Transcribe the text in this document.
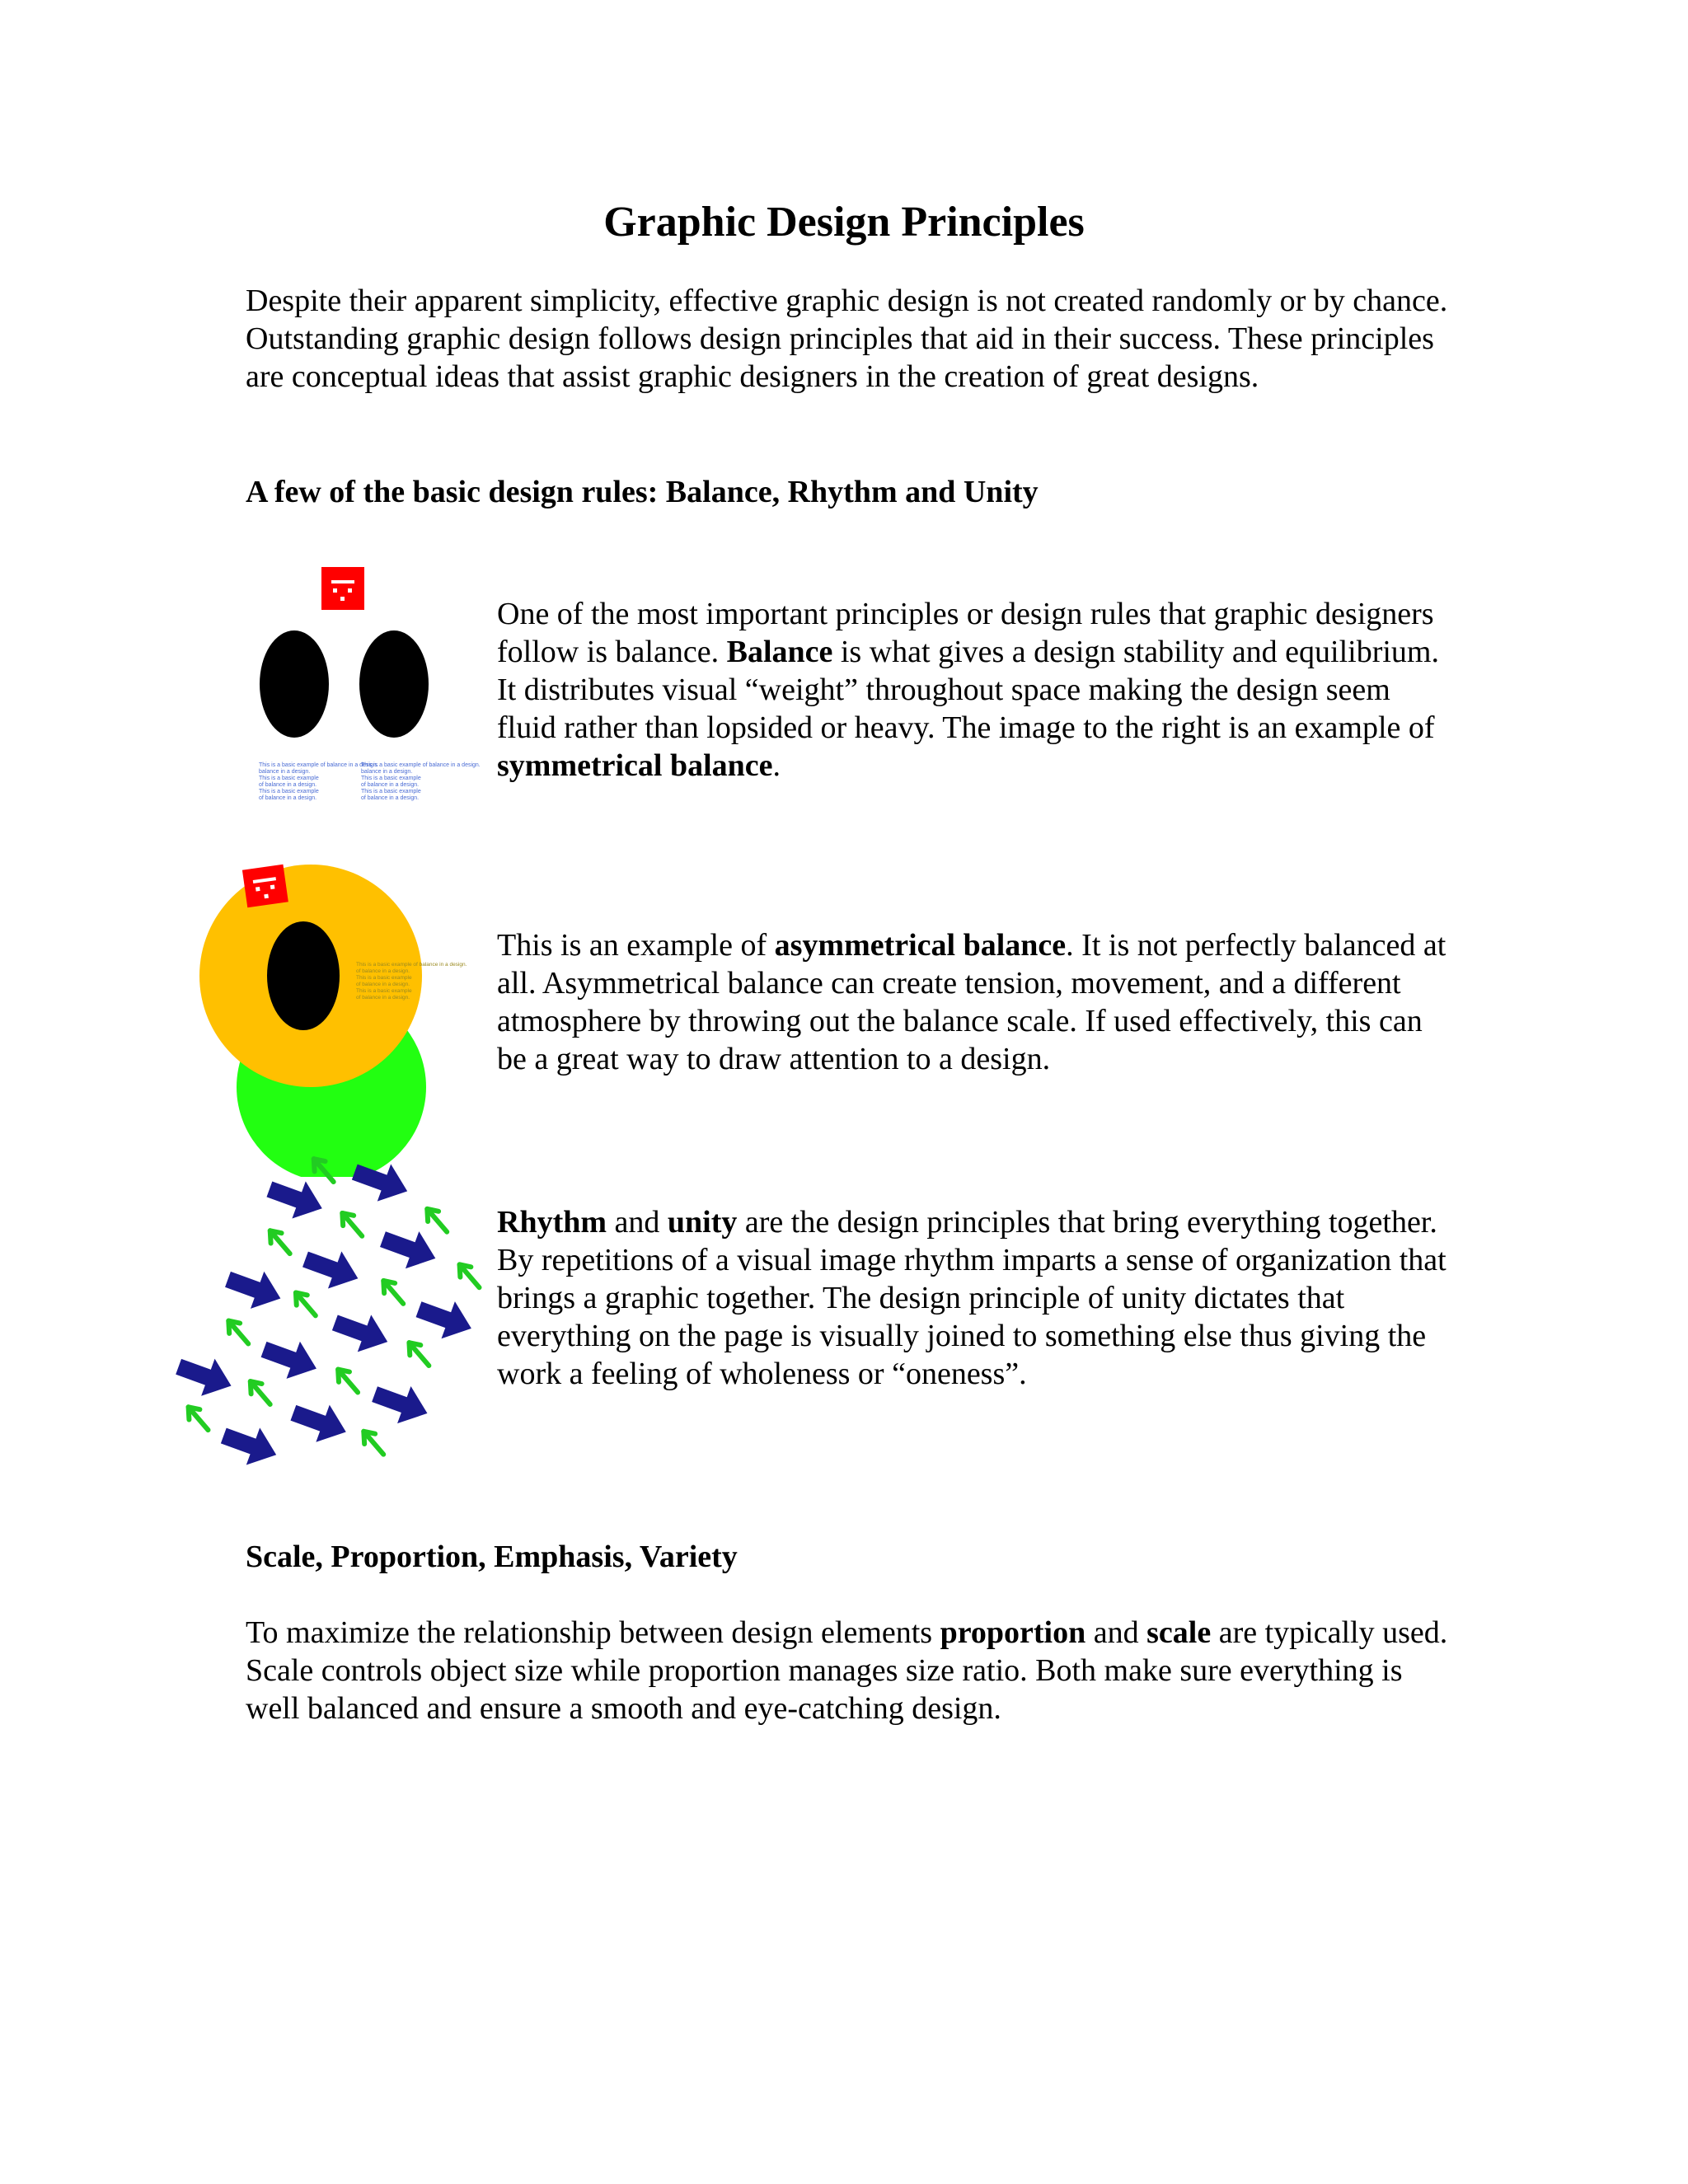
Graphic Design Principles

Despite their apparent simplicity, effective graphic design is not created randomly or by chance. Outstanding graphic design follows design principles that aid in their success. These principles are conceptual ideas that assist graphic designers in the creation of great designs.

A few of the basic design rules: Balance, Rhythm and Unity

This is a basic example of balance in a design.
balance in a design.
This is a basic example
of balance in a design.
This is a basic example
of balance in a design.
This is a basic example of balance in a design.
balance in a design.
This is a basic example
of balance in a design.
This is a basic example
of balance in a design.

One of the most important principles or design rules that graphic designers follow is balance. Balance is what gives a design stability and equilibrium. It distributes visual “weight” throughout space making the design seem fluid rather than lopsided or heavy. The image to the right is an example of symmetrical balance.

This is a basic example of balance in a design.
of balance in a design.
This is a basic example
of balance in a design.
This is a basic example
of balance in a design.

This is an example of asymmetrical balance. It is not perfectly balanced at all. Asymmetrical balance can create tension, movement, and a different atmosphere by throwing out the balance scale. If used effectively, this can be a great way to draw attention to a design.

Rhythm and unity are the design principles that bring everything together. By repetitions of a visual image rhythm imparts a sense of organization that brings a graphic together. The design principle of unity dictates that everything on the page is visually joined to something else thus giving the work a feeling of wholeness or “oneness”.

Scale, Proportion, Emphasis, Variety

To maximize the relationship between design elements proportion and scale are typically used. Scale controls object size while proportion manages size ratio. Both make sure everything is well balanced and ensure a smooth and eye-catching design.
